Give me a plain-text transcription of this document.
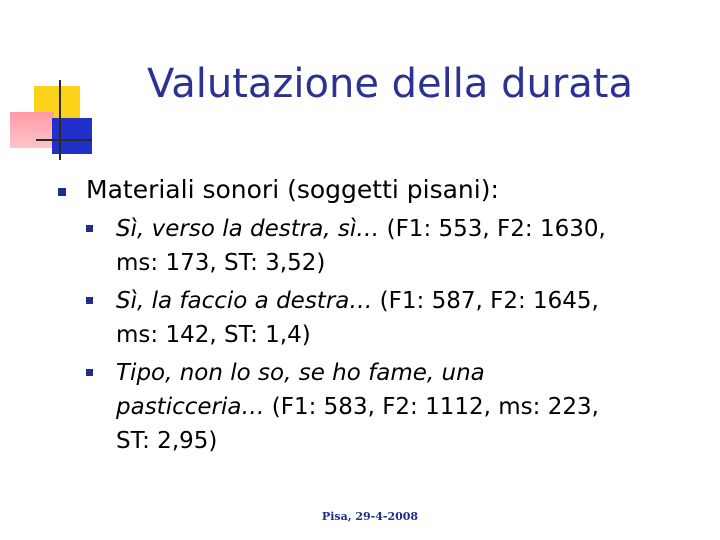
Valutazione della durata
Materiali sonori (soggetti pisani):
Sì, verso la destra, sì… (F1: 553, F2: 1630,
ms: 173, ST: 3,52)
Sì, la faccio a destra… (F1: 587, F2: 1645,
ms: 142, ST: 1,4)
Tipo, non lo so, se ho fame, una
pasticceria… (F1: 583, F2: 1112, ms: 223,
ST: 2,95)
Pisa, 29-4-2008
